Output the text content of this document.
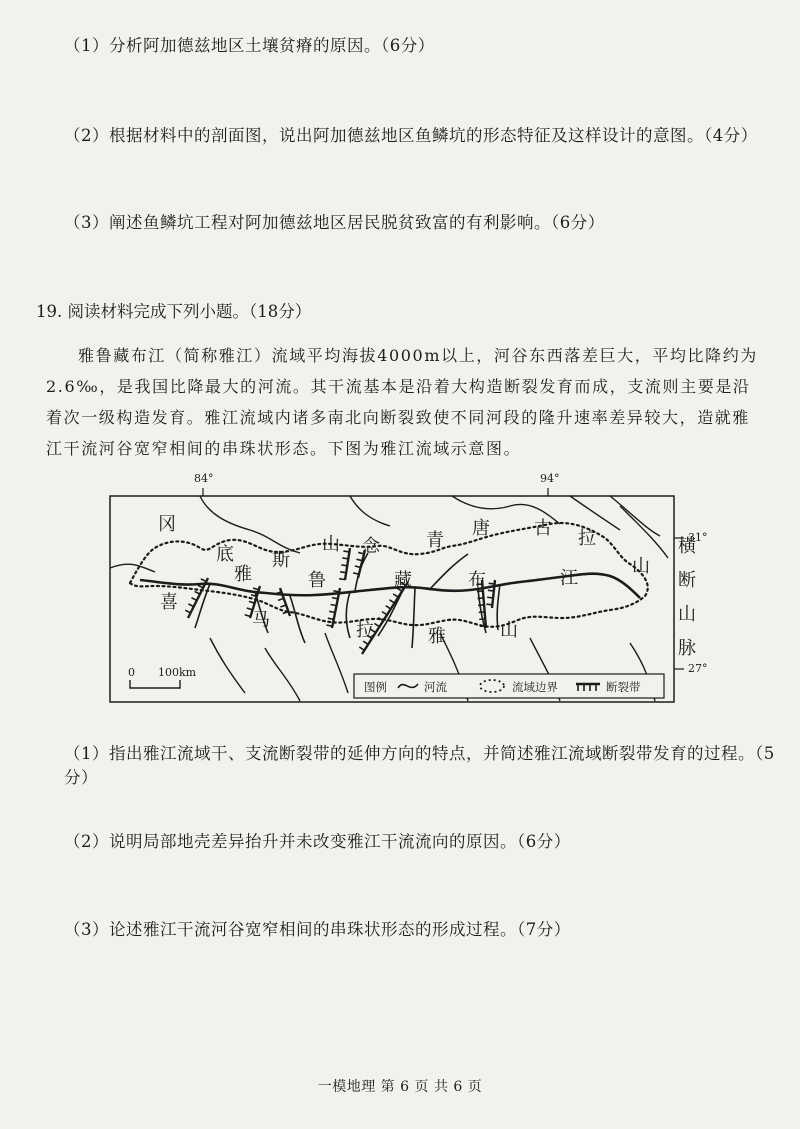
（1）分析阿加德兹地区土壤贫瘠的原因。（6分）
（2）根据材料中的剖面图，说出阿加德兹地区鱼鳞坑的形态特征及这样设计的意图。（4分）
（3）阐述鱼鳞坑工程对阿加德兹地区居民脱贫致富的有利影响。（6分）
19. 阅读材料完成下列小题。（18分）
雅鲁藏布江（简称雅江）流域平均海拔4000m以上，河谷东西落差巨大，平均比降约为2.6‰，是我国比降最大的河流。其干流基本是沿着大构造断裂发育而成，支流则主要是沿着次一级构造发育。雅江流域内诸多南北向断裂致使不同河段的隆升速率差异较大，造就雅江干流河谷宽窄相间的串珠状形态。下图为雅江流域示意图。
84°	94°
31°
27°
冈
底 斯
山 念	青
唐 古 拉
山
雅	鲁	藏	布	江
喜
马	拉	雅	山
横
断
山
脉
0 100km
图例	河流	流域边界	断裂带
（1）指出雅江流域干、支流断裂带的延伸方向的特点，并简述雅江流域断裂带发育的过程。（5分）
（2）说明局部地壳差异抬升并未改变雅江干流流向的原因。（6分）
（3）论述雅江干流河谷宽窄相间的串珠状形态的形成过程。（7分）
一模地理 第 6 页 共 6 页
